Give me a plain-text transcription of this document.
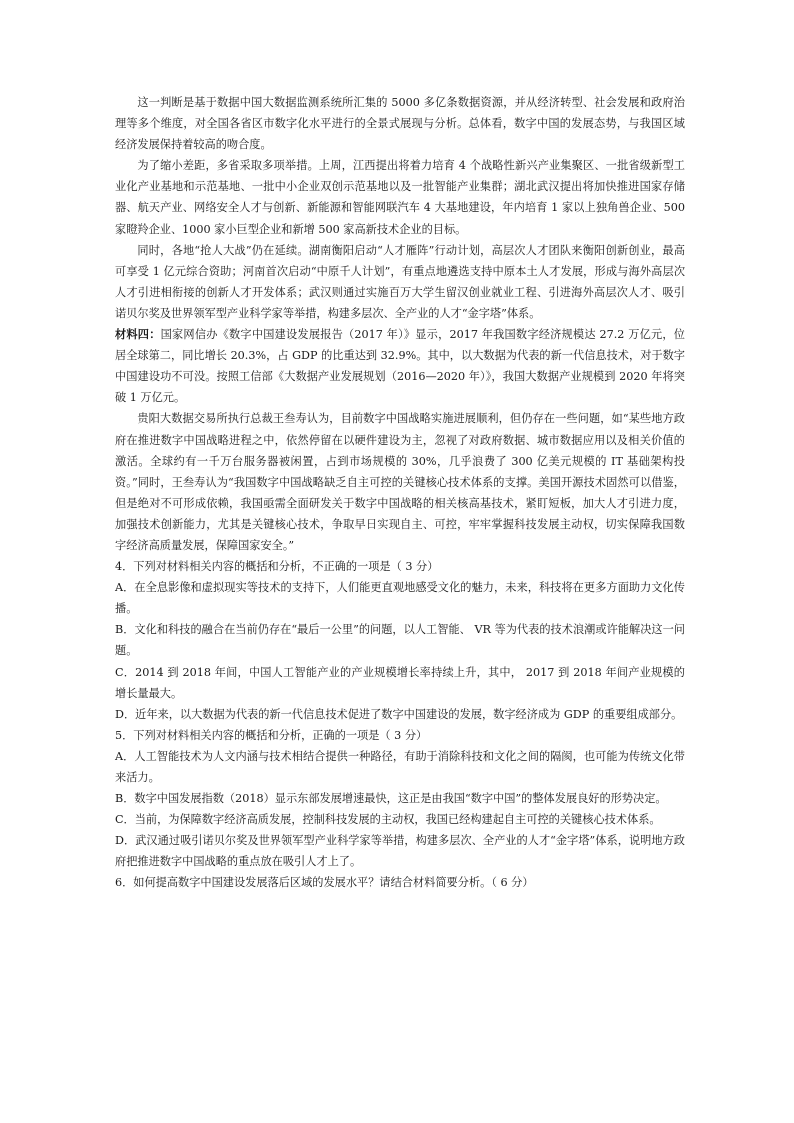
这一判断是基于数据中国大数据监测系统所汇集的 5000 多亿条数据资源，并从经济转型、社会发展和政府治理等多个维度，对全国各省区市数字化水平进行的全景式展现与分析。总体看，数字中国的发展态势，与我国区域经济发展保持着较高的吻合度。

为了缩小差距，多省采取多项举措。上周，江西提出将着力培育 4 个战略性新兴产业集聚区、一批省级新型工业化产业基地和示范基地、一批中小企业双创示范基地以及一批智能产业集群；湖北武汉提出将加快推进国家存储器、航天产业、网络安全人才与创新、新能源和智能网联汽车 4 大基地建设，年内培育 1 家以上独角兽企业、500 家瞪羚企业、1000 家小巨型企业和新增 500 家高新技术企业的目标。

同时，各地“抢人大战”仍在延续。湖南衡阳启动“人才雁阵”行动计划，高层次人才团队来衡阳创新创业，最高可享受 1 亿元综合资助；河南首次启动“中原千人计划”，有重点地遴选支持中原本土人才发展，形成与海外高层次人才引进相衔接的创新人才开发体系；武汉则通过实施百万大学生留汉创业就业工程、引进海外高层次人才、吸引诺贝尔奖及世界领军型产业科学家等举措，构建多层次、全产业的人才“金字塔”体系。

材料四：国家网信办《数字中国建设发展报告（2017 年）》显示，2017 年我国数字经济规模达 27.2 万亿元，位居全球第二，同比增长 20.3%，占 GDP 的比重达到 32.9%。其中，以大数据为代表的新一代信息技术，对于数字中国建设功不可没。按照工信部《大数据产业发展规划（2016—2020 年）》，我国大数据产业规模到 2020 年将突破 1 万亿元。

贵阳大数据交易所执行总裁王叁寿认为，目前数字中国战略实施进展顺利，但仍存在一些问题，如“某些地方政府在推进数字中国战略进程之中，依然停留在以硬件建设为主，忽视了对政府数据、城市数据应用以及相关价值的激活。全球约有一千万台服务器被闲置，占到市场规模的 30%，几乎浪费了 300 亿美元规模的 IT 基础架构投资。”同时，王叁寿认为“我国数字中国战略缺乏自主可控的关键核心技术体系的支撑。美国开源技术固然可以借鉴，但是绝对不可形成依赖，我国亟需全面研发关于数字中国战略的相关核高基技术，紧盯短板，加大人才引进力度，加强技术创新能力，尤其是关键核心技术，争取早日实现自主、可控，牢牢掌握科技发展主动权，切实保障我国数字经济高质量发展，保障国家安全。”

4．下列对材料相关内容的概括和分析，不正确的一项是（ 3 分）

A．在全息影像和虚拟现实等技术的支持下，人们能更直观地感受文化的魅力，未来，科技将在更多方面助力文化传播。

B．文化和科技的融合在当前仍存在“最后一公里”的问题，以人工智能、 VR 等为代表的技术浪潮或许能解决这一问题。

C．2014 到 2018 年间，中国人工智能产业的产业规模增长率持续上升，其中， 2017 到 2018 年间产业规模的增长量最大。

D．近年来，以大数据为代表的新一代信息技术促进了数字中国建设的发展，数字经济成为 GDP 的重要组成部分。

5．下列对材料相关内容的概括和分析，正确的一项是（ 3 分）

A．人工智能技术为人文内涵与技术相结合提供一种路径，有助于消除科技和文化之间的隔阂，也可能为传统文化带来活力。

B．数字中国发展指数（2018）显示东部发展增速最快，这正是由我国“数字中国”的整体发展良好的形势决定。

C．当前，为保障数字经济高质发展，控制科技发展的主动权，我国已经构建起自主可控的关键核心技术体系。

D．武汉通过吸引诺贝尔奖及世界领军型产业科学家等举措，构建多层次、全产业的人才“金字塔”体系，说明地方政府把推进数字中国战略的重点放在吸引人才上了。

6．如何提高数字中国建设发展落后区域的发展水平？请结合材料简要分析。（ 6 分）
